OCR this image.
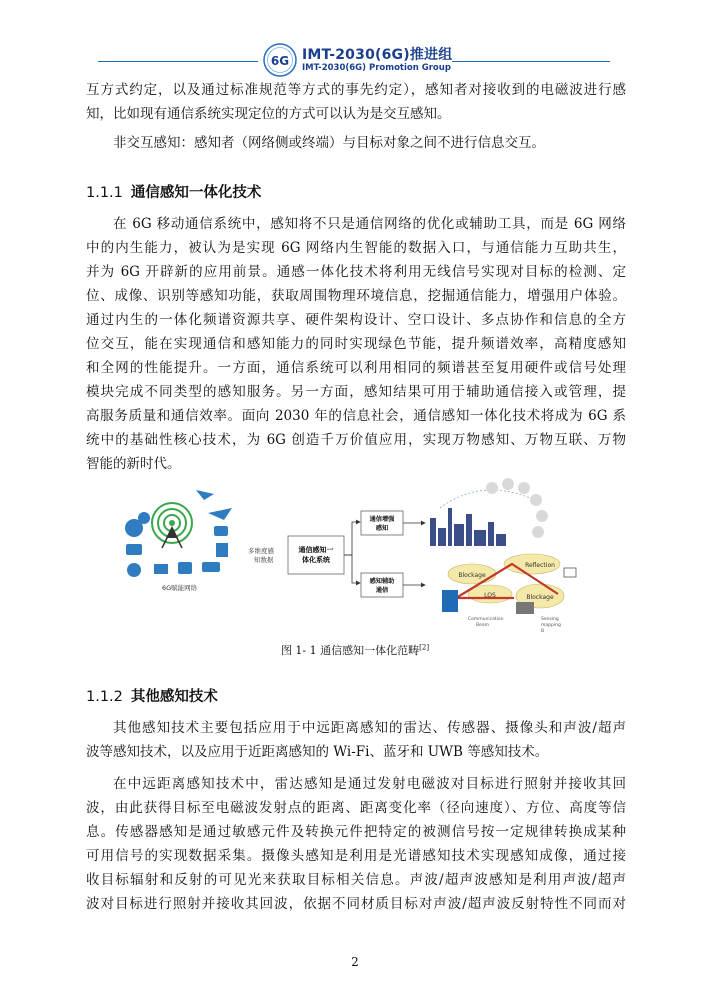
6G IMT-2030(6G)推进组
IMT-2030(6G) Promotion Group
互方式约定，以及通过标准规范等方式的事先约定），感知者对接收到的电磁波进行感
知，比如现有通信系统实现定位的方式可以认为是交互感知。
非交互感知：感知者（网络侧或终端）与目标对象之间不进行信息交互。
1.1.1 通信感知一体化技术
在 6G 移动通信系统中，感知将不只是通信网络的优化或辅助工具，而是 6G 网络
中的内生能力，被认为是实现 6G 网络内生智能的数据入口，与通信能力互助共生，
并为 6G 开辟新的应用前景。通感一体化技术将利用无线信号实现对目标的检测、定
位、成像、识别等感知功能，获取周围物理环境信息，挖掘通信能力，增强用户体验。
通过内生的一体化频谱资源共享、硬件架构设计、空口设计、多点协作和信息的全方
位交互，能在实现通信和感知能力的同时实现绿色节能，提升频谱效率，高精度感知
和全网的性能提升。一方面，通信系统可以利用相同的频谱甚至复用硬件或信号处理
模块完成不同类型的感知服务。另一方面，感知结果可用于辅助通信接入或管理，提
高服务质量和通信效率。面向 2030 年的信息社会，通信感知一体化技术将成为 6G 系
统中的基础性核心技术，为 6G 创造千万价值应用，实现万物感知、万物互联、万物
智能的新时代。
6G赋能网络
多维度感
知数据
通信感知一
体化系统
通信增强
感知
感知辅助
通信
Blockage
Reflection
LOS	Blockage
Communication
Beam
Sensing
mapping
B
图 1- 1 通信感知一体化范畴[2]
1.1.2 其他感知技术
其他感知技术主要包括应用于中远距离感知的雷达、传感器、摄像头和声波/超声
波等感知技术，以及应用于近距离感知的 Wi-Fi、蓝牙和 UWB 等感知技术。
在中远距离感知技术中，雷达感知是通过发射电磁波对目标进行照射并接收其回
波，由此获得目标至电磁波发射点的距离、距离变化率（径向速度）、方位、高度等信
息。传感器感知是通过敏感元件及转换元件把特定的被测信号按一定规律转换成某种
可用信号的实现数据采集。摄像头感知是利用是光谱感知技术实现感知成像，通过接
收目标辐射和反射的可见光来获取目标相关信息。声波/超声波感知是利用声波/超声
波对目标进行照射并接收其回波，依据不同材质目标对声波/超声波反射特性不同而对
2
